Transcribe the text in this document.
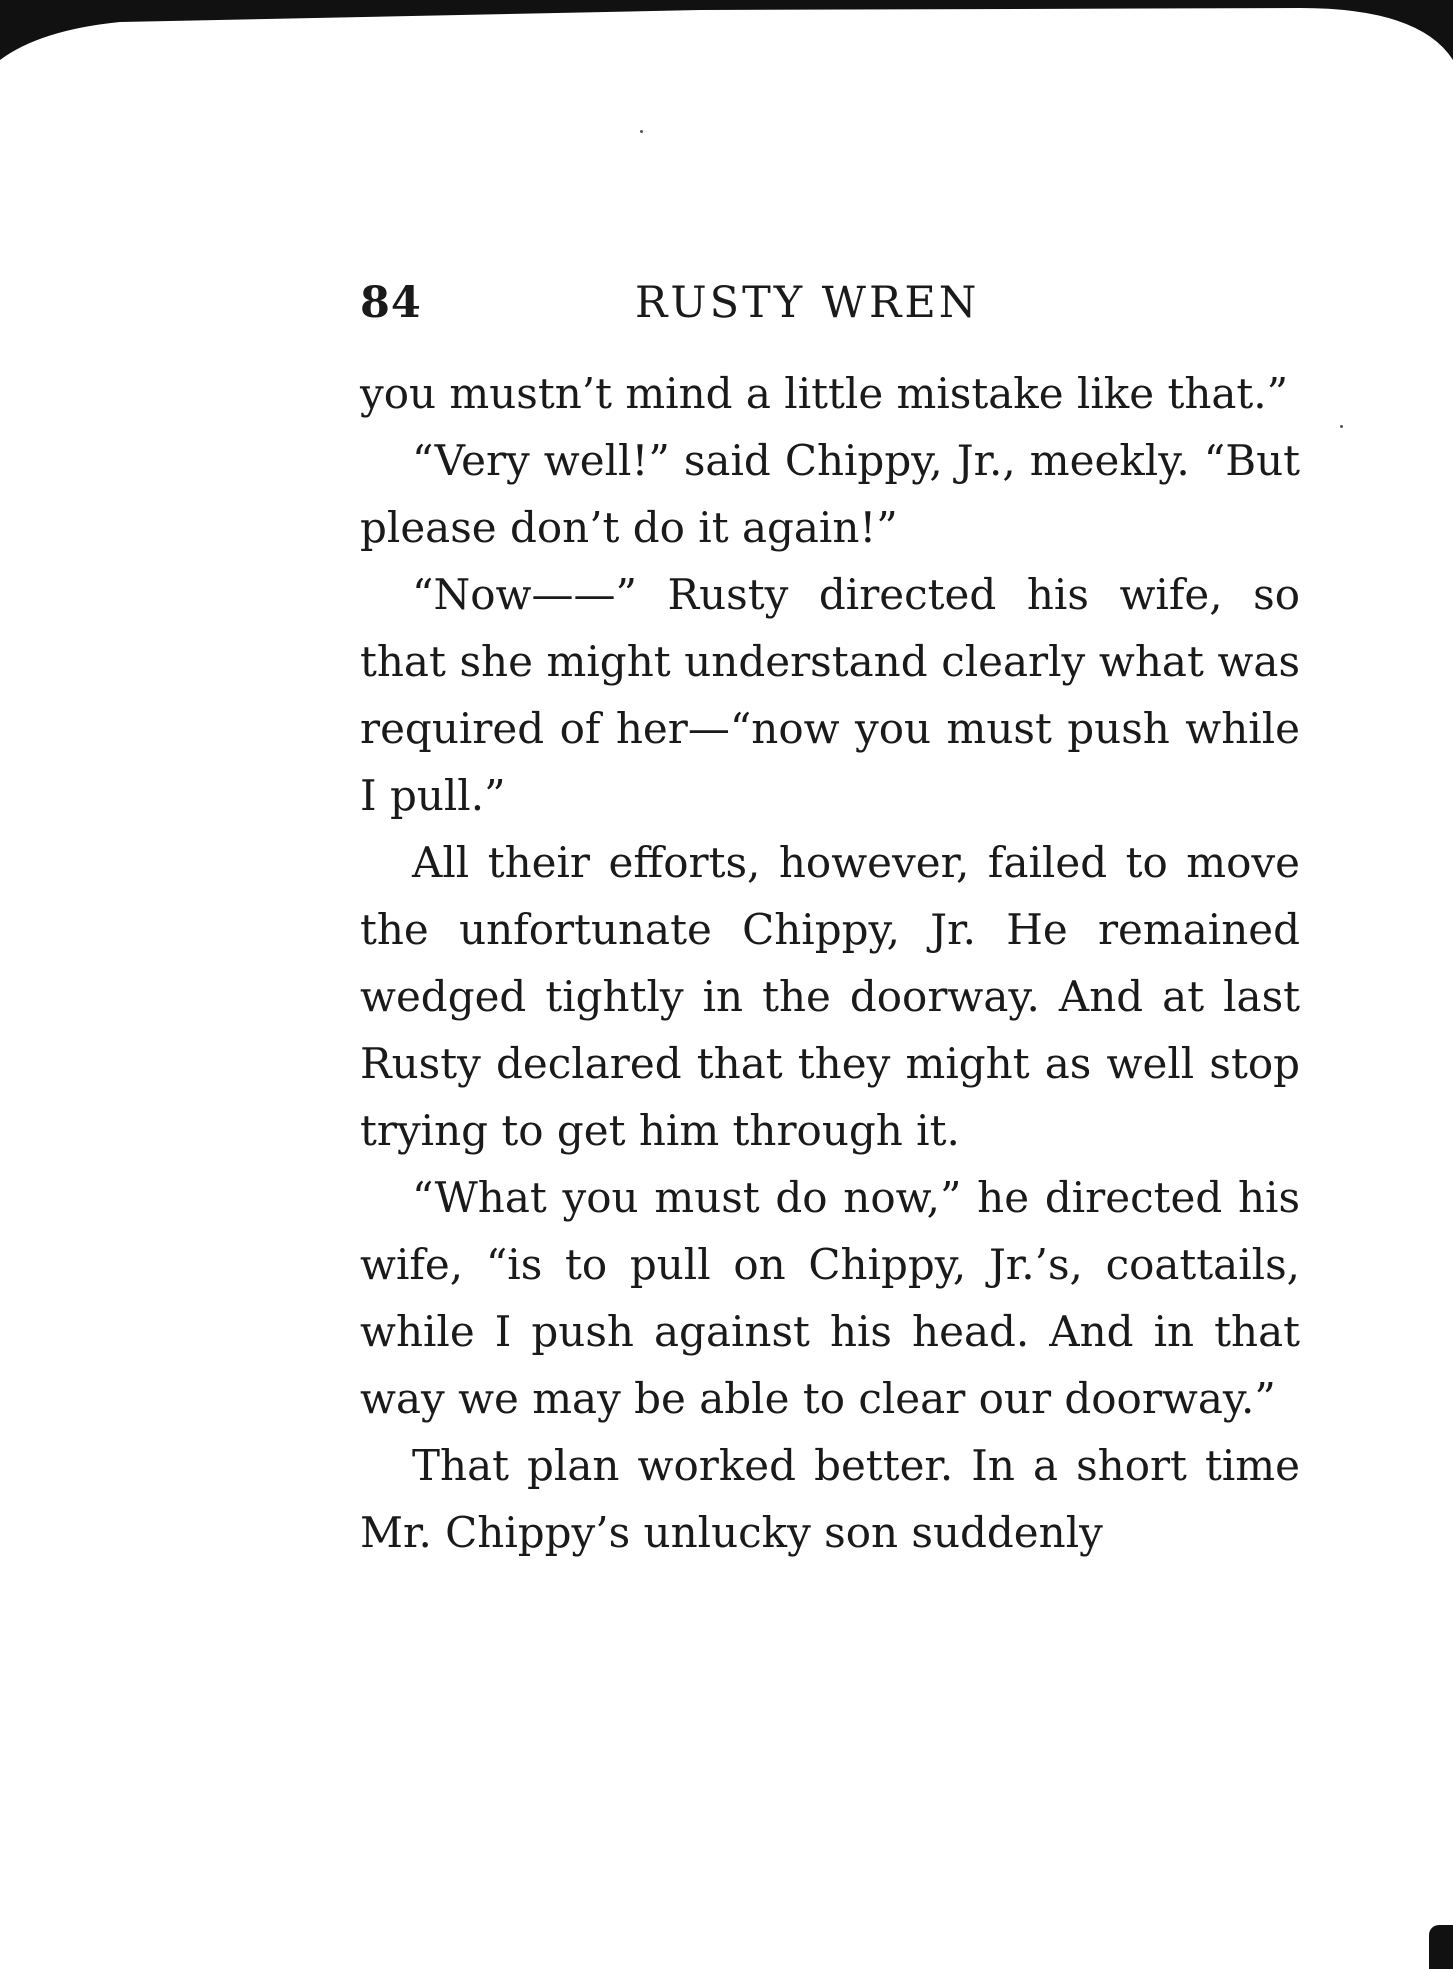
84	RUSTY WREN

you mustn’t mind a little mistake like that.”

“Very well!” said Chippy, Jr., meekly. “But please don’t do it again!”

“Now——” Rusty directed his wife, so that she might understand clearly what was required of her—“now you must push while I pull.”

All their efforts, however, failed to move the unfortunate Chippy, Jr. He remained wedged tightly in the doorway. And at last Rusty declared that they might as well stop trying to get him through it.

“What you must do now,” he directed his wife, “is to pull on Chippy, Jr.’s, coattails, while I push against his head. And in that way we may be able to clear our doorway.”

That plan worked better. In a short time Mr. Chippy’s unlucky son suddenly
